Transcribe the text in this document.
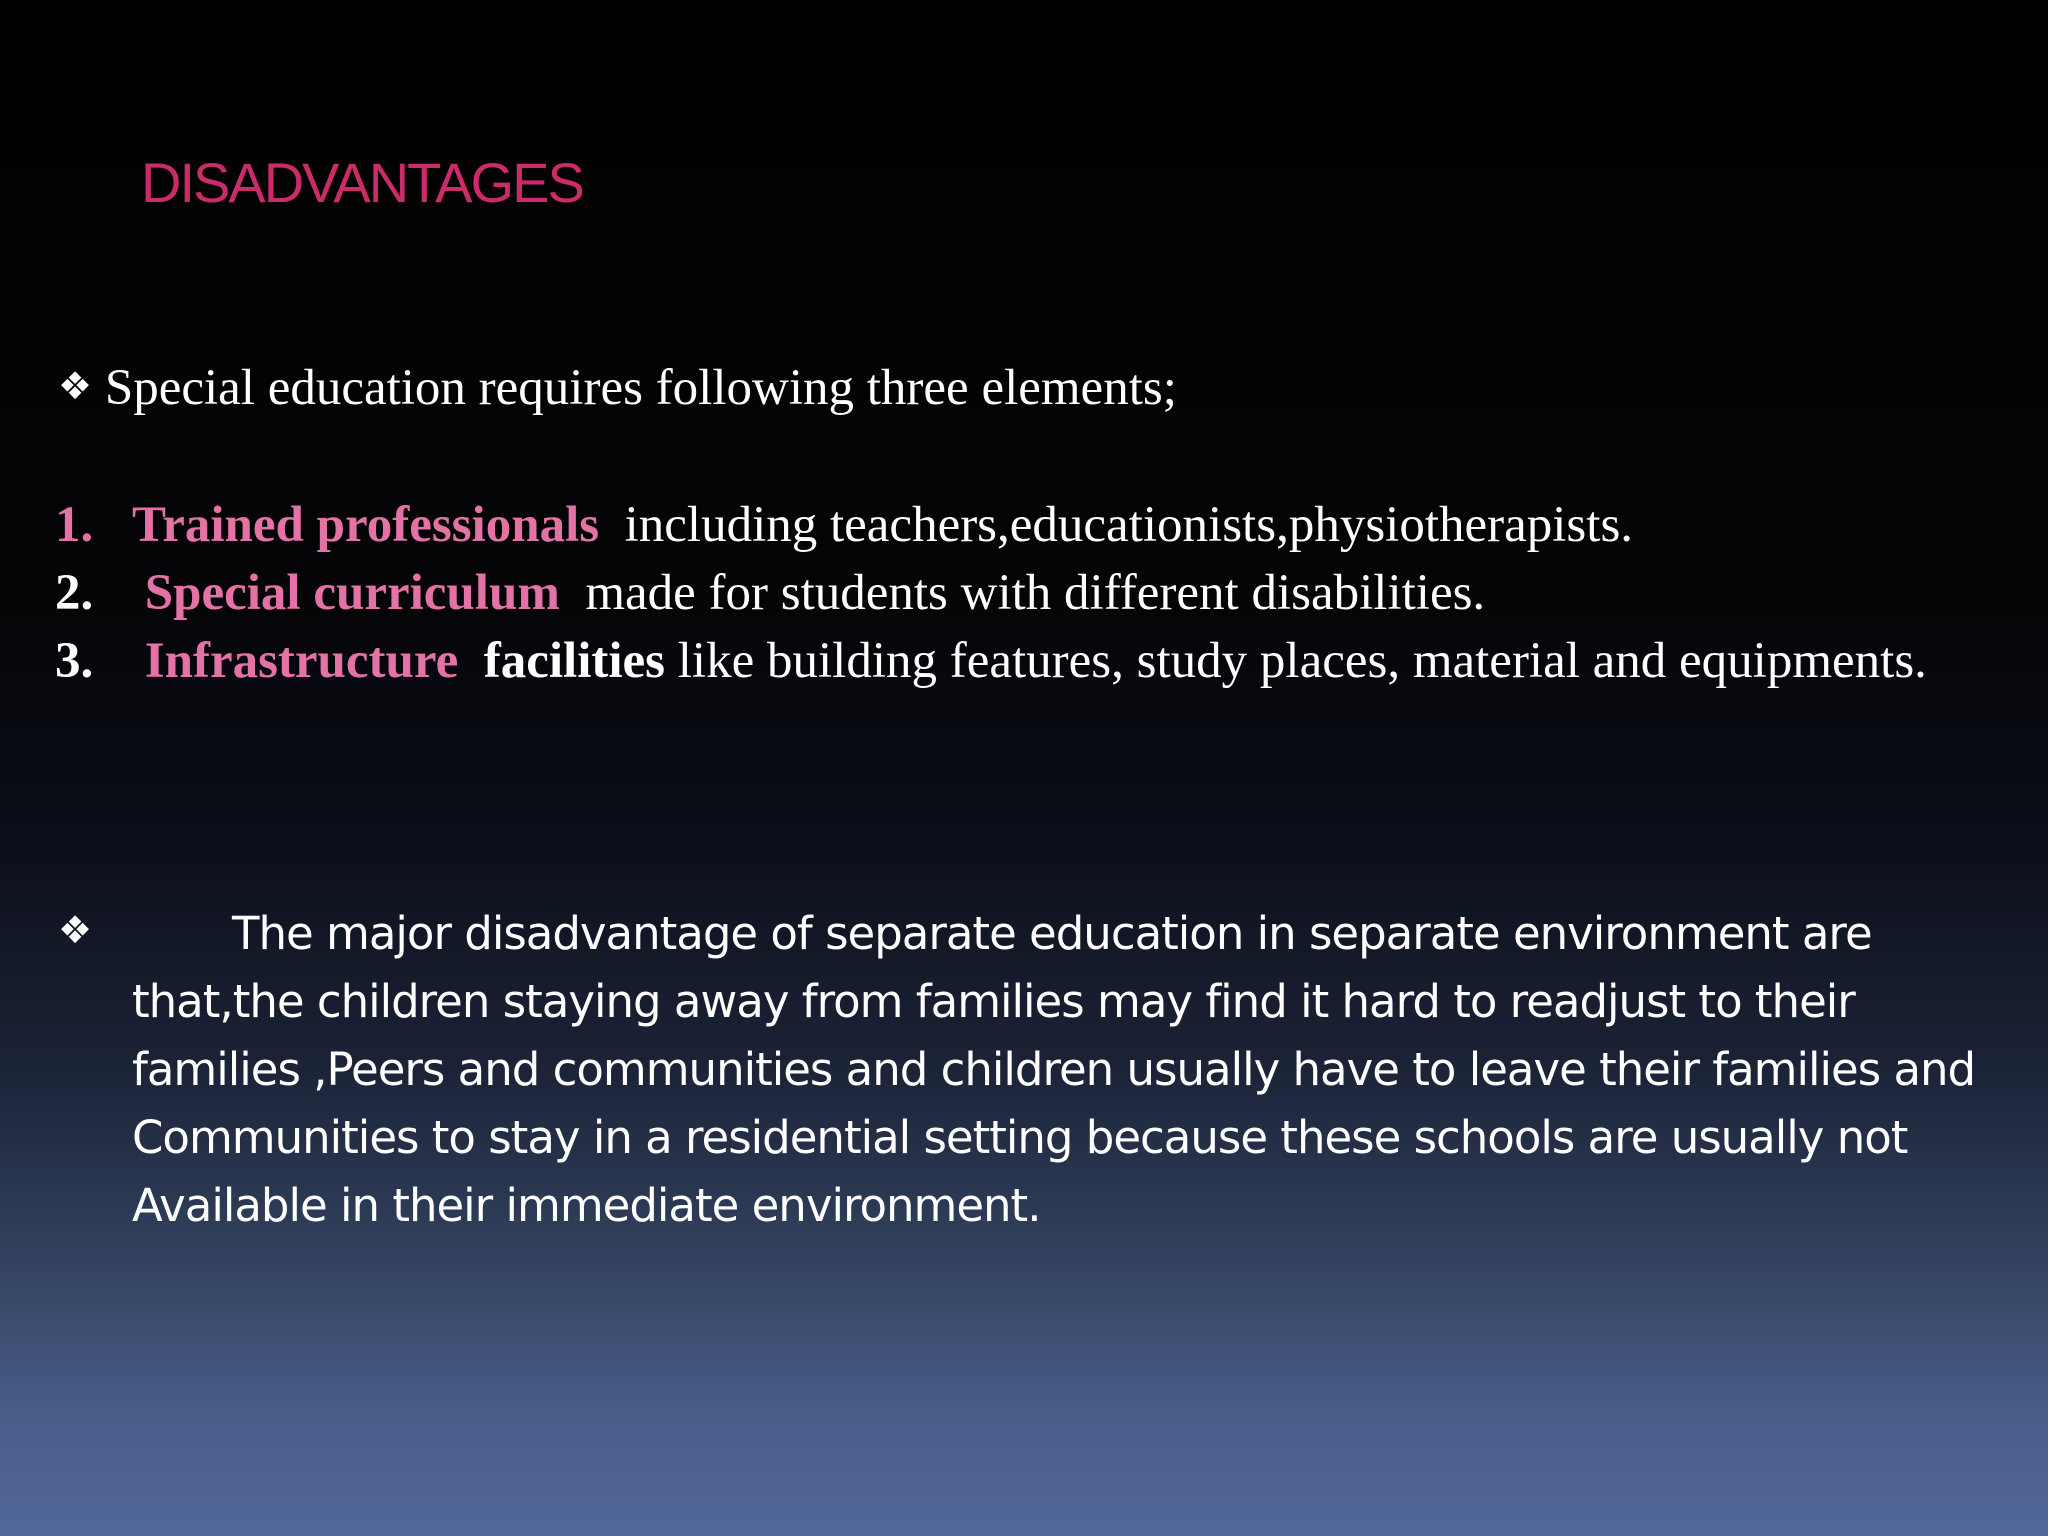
DISADVANTAGES
❖ Special education requires following three elements;
1. Trained professionals including teachers,educationists,physiotherapists.
2. Special curriculum made for students with different disabilities.
3. Infrastructure facilities like building features, study places, material and equipments.
❖	The major disadvantage of separate education in separate environment are
that,the children staying away from families may find it hard to readjust to their families ,Peers and communities and children usually have to leave their families and Communities to stay in a residential setting because these schools are usually not Available in their immediate environment.
